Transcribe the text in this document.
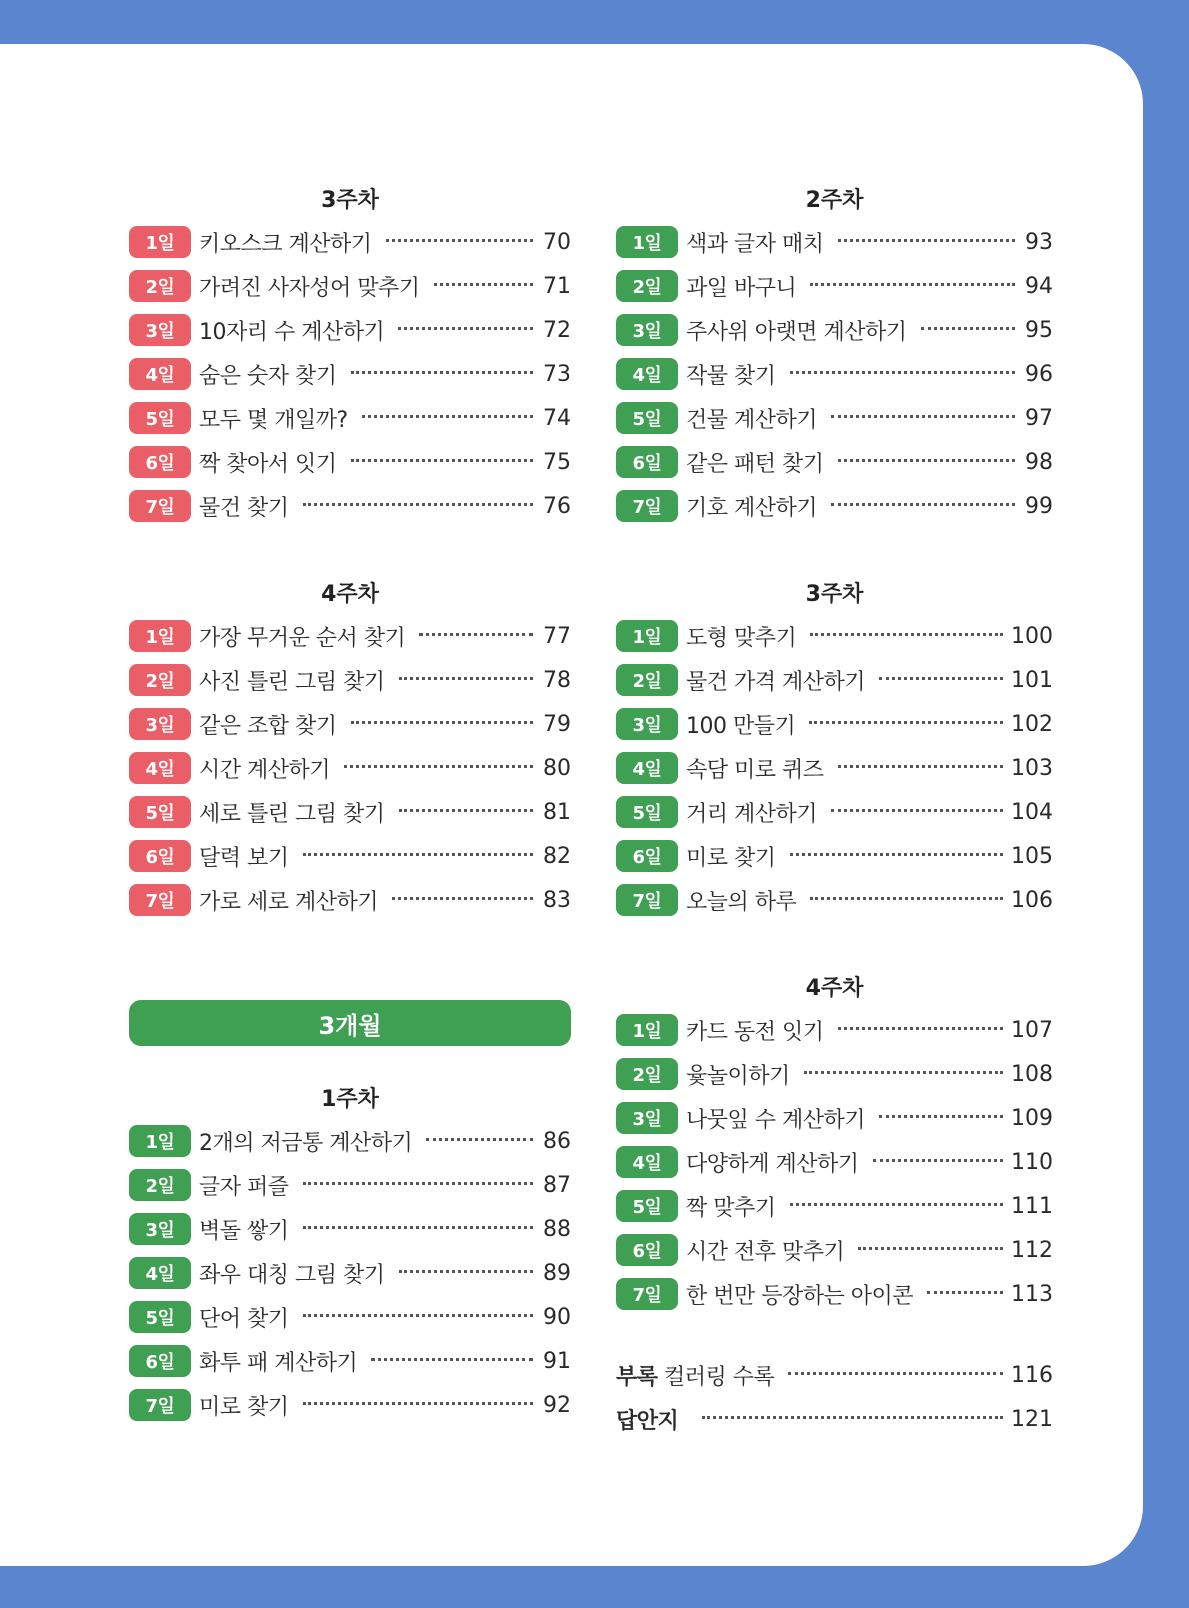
3주차
1일	키오스크 계산하기	70
2일	가려진 사자성어 맞추기	71
3일	10자리 수 계산하기	72
4일	숨은 숫자 찾기	73
5일	모두 몇 개일까?	74
6일	짝 찾아서 잇기	75
7일	물건 찾기	76
4주차
1일	가장 무거운 순서 찾기	77
2일	사진 틀린 그림 찾기	78
3일	같은 조합 찾기	79
4일	시간 계산하기	80
5일	세로 틀린 그림 찾기	81
6일	달력 보기	82
7일	가로 세로 계산하기	83
3개월
1주차
1일	2개의 저금통 계산하기	86
2일	글자 퍼즐	87
3일	벽돌 쌓기	88
4일	좌우 대칭 그림 찾기	89
5일	단어 찾기	90
6일	화투 패 계산하기	91
7일	미로 찾기	92
2주차
1일	색과 글자 매치	93
2일	과일 바구니	94
3일	주사위 아랫면 계산하기	95
4일	작물 찾기	96
5일	건물 계산하기	97
6일	같은 패턴 찾기	98
7일	기호 계산하기	99
3주차
1일	도형 맞추기	100
2일	물건 가격 계산하기	101
3일	100 만들기	102
4일	속담 미로 퀴즈	103
5일	거리 계산하기	104
6일	미로 찾기	105
7일	오늘의 하루	106
4주차
1일	카드 동전 잇기	107
2일	윷놀이하기	108
3일	나뭇잎 수 계산하기	109
4일	다양하게 계산하기	110
5일	짝 맞추기	111
6일	시간 전후 맞추기	112
7일	한 번만 등장하는 아이콘	113
부록 컬러링 수록	116
답안지	121
